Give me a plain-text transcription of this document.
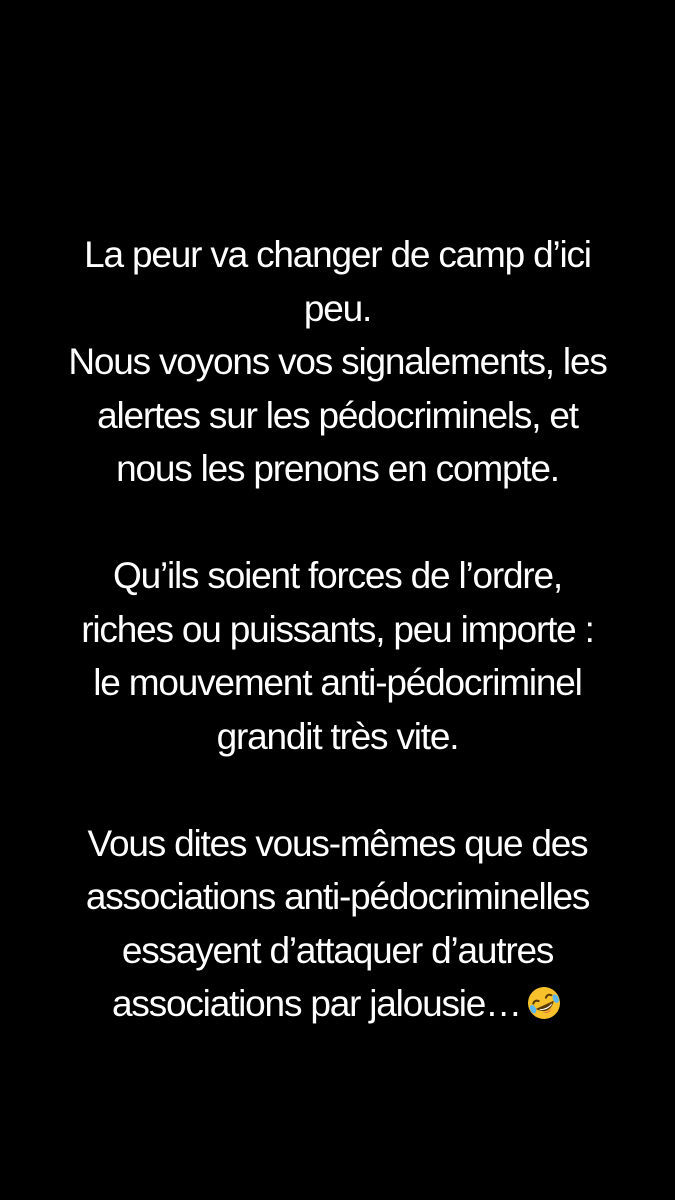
La peur va changer de camp d’ici
peu.
Nous voyons vos signalements, les
alertes sur les pédocriminels, et
nous les prenons en compte.
Qu’ils soient forces de l’ordre,
riches ou puissants, peu importe :
le mouvement anti-pédocriminel
grandit très vite.
Vous dites vous-mêmes que des
associations anti-pédocriminelles
essayent d’attaquer d’autres
associations par jalousie…
